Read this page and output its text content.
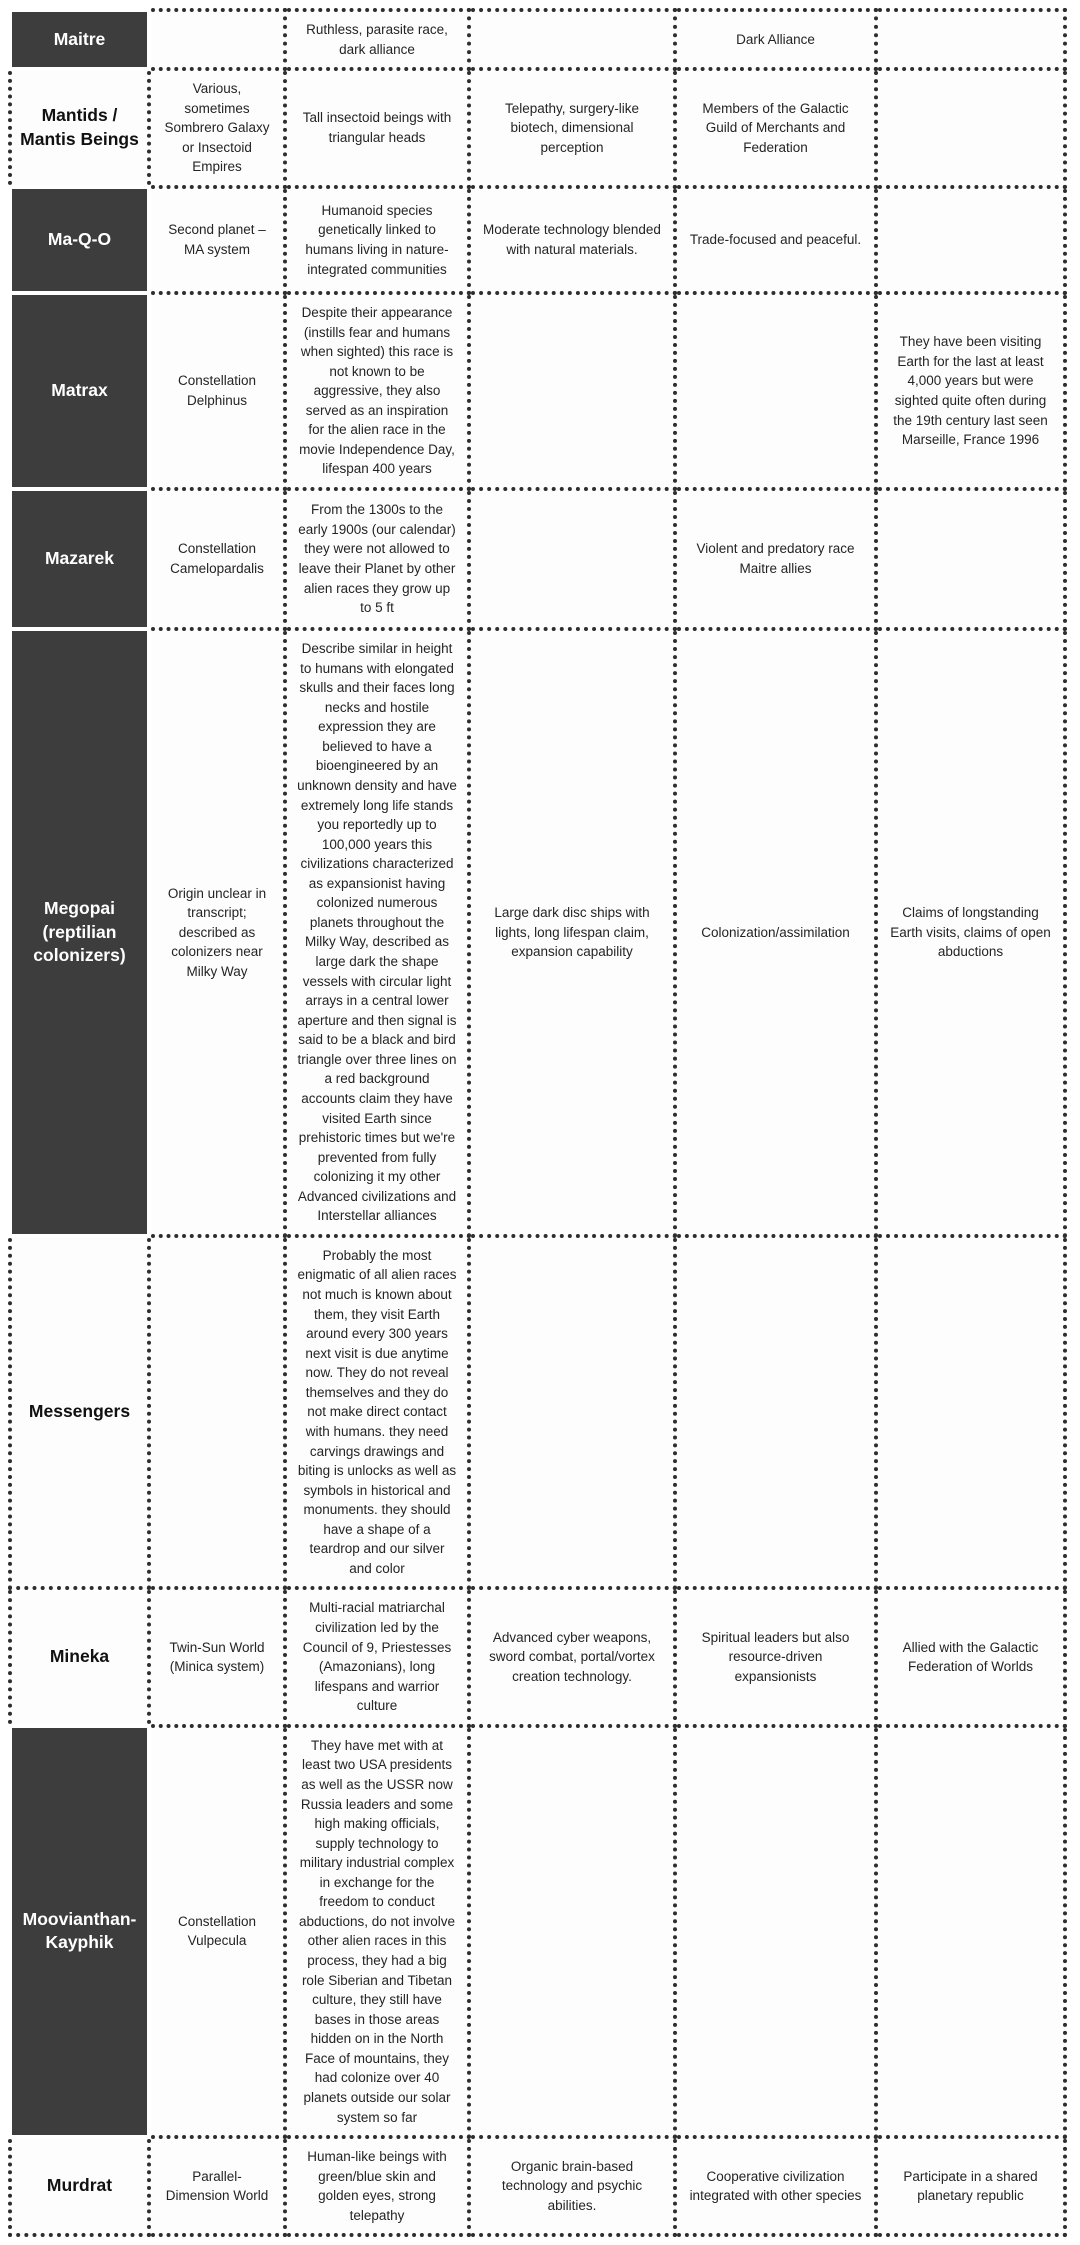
Maitre		Ruthless, parasite race, dark alliance		Dark Alliance	
Mantids / Mantis Beings	Various, sometimes Sombrero Galaxy or Insectoid Empires	Tall insectoid beings with triangular heads	Telepathy, surgery-like biotech, dimensional perception	Members of the Galactic Guild of Merchants and Federation	
Ma-Q-O	Second planet – MA system	Humanoid species genetically linked to humans living in nature-integrated communities	Moderate technology blended with natural materials.	Trade-focused and peaceful.	
Matrax	Constellation Delphinus	Despite their appearance (instills fear and humans when sighted) this race is not known to be aggressive, they also served as an inspiration for the alien race in the movie Independence Day, lifespan 400 years			They have been visiting Earth for the last at least 4,000 years but were sighted quite often during the 19th century last seen Marseille, France 1996
Mazarek	Constellation Camelopardalis	From the 1300s to the early 1900s (our calendar) they were not allowed to leave their Planet by other alien races they grow up to 5 ft		Violent and predatory race Maitre allies	
Megopai (reptilian colonizers)	Origin unclear in transcript; described as colonizers near Milky Way	Describe similar in height to humans with elongated skulls and their faces long necks and hostile expression they are believed to have a bioengineered by an unknown density and have extremely long life stands you reportedly up to 100,000 years this civilizations characterized as expansionist having colonized numerous planets throughout the Milky Way, described as large dark the shape vessels with circular light arrays in a central lower aperture and then signal is said to be a black and bird triangle over three lines on a red background accounts claim they have visited Earth since prehistoric times but we're prevented from fully colonizing it my other Advanced civilizations and Interstellar alliances	Large dark disc ships with lights, long lifespan claim, expansion capability	Colonization/assimilation	Claims of longstanding Earth visits, claims of open abductions
Messengers		Probably the most enigmatic of all alien races not much is known about them, they visit Earth around every 300 years next visit is due anytime now. They do not reveal themselves and they do not make direct contact with humans. they need carvings drawings and biting is unlocks as well as symbols in historical and monuments. they should have a shape of a teardrop and our silver and color			
Mineka	Twin-Sun World (Minica system)	Multi-racial matriarchal civilization led by the Council of 9, Priestesses (Amazonians), long lifespans and warrior culture	Advanced cyber weapons, sword combat, portal/vortex creation technology.	Spiritual leaders but also resource-driven expansionists	Allied with the Galactic Federation of Worlds
Moovianthan-Kayphik	Constellation Vulpecula	They have met with at least two USA presidents as well as the USSR now Russia leaders and some high making officials, supply technology to military industrial complex in exchange for the freedom to conduct abductions, do not involve other alien races in this process, they had a big role Siberian and Tibetan culture, they still have bases in those areas hidden on in the North Face of mountains, they had colonize over 40 planets outside our solar system so far			
Murdrat	Parallel-Dimension World	Human-like beings with green/blue skin and golden eyes, strong telepathy	Organic brain-based technology and psychic abilities.	Cooperative civilization integrated with other species	Participate in a shared planetary republic
